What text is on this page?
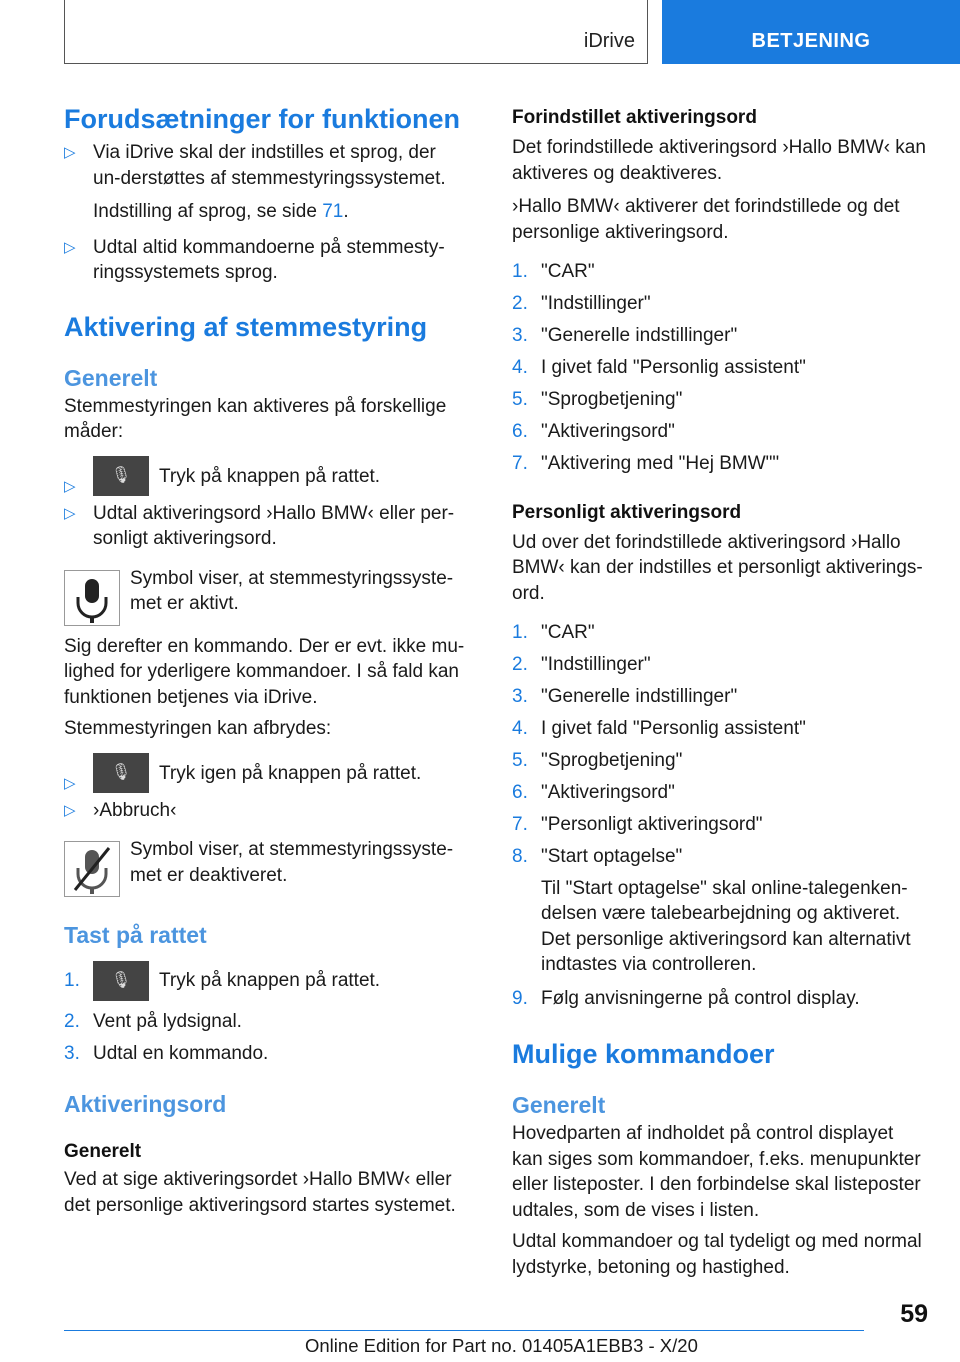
iDrive	BETJENING
Forudsætninger for funktionen
▷ Via iDrive skal der indstilles et sprog, der un-derstøttes af stemmestyringssystemet.
Indstilling af sprog, se side 71.
▷ Udtal altid kommandoerne på stemmesty-ringssystemets sprog.
Aktivering af stemmestyring
Generelt

Stemmestyringen kan aktiveres på forskellige måder:

▷
🎙 Tryk på knappen på rattet.
▷ Udtal aktiveringsord ›Hallo BMW‹ eller per-sonligt aktiveringsord.

Symbol viser, at stemmestyringssyste-met er aktivt.

Sig derefter en kommando. Der er evt. ikke mu-lighed for yderligere kommandoer. I så fald kan funktionen betjenes via iDrive.

Stemmestyringen kan afbrydes:

▷
🎙 Tryk igen på knappen på rattet.
▷ ›Abbruch‹

Symbol viser, at stemmestyringssyste-met er deaktiveret.

Tast på rattet
1. 🎙 Tryk på knappen på rattet.
2. Vent på lydsignal.
3. Udtal en kommando.
Aktiveringsord
Generelt

Ved at sige aktiveringsordet ›Hallo BMW‹ eller det personlige aktiveringsord startes systemet.

Forindstillet aktiveringsord

Det forindstillede aktiveringsord ›Hallo BMW‹ kan aktiveres og deaktiveres.

›Hallo BMW‹ aktiverer det forindstillede og det personlige aktiveringsord.

1. "CAR"
2. "Indstillinger"
3. "Generelle indstillinger"
4. I givet fald "Personlig assistent"
5. "Sprogbetjening"
6. "Aktiveringsord"
7. "Aktivering med "Hej BMW""
Personligt aktiveringsord

Ud over det forindstillede aktiveringsord ›Hallo BMW‹ kan der indstilles et personligt aktiverings-ord.

1. "CAR"
2. "Indstillinger"
3. "Generelle indstillinger"
4. I givet fald "Personlig assistent"
5. "Sprogbetjening"
6. "Aktiveringsord"
7. "Personligt aktiveringsord"
8. "Start optagelse"
Til "Start optagelse" skal online-talegenken-delsen være talebearbejdning og aktiveret. Det personlige aktiveringsord kan alternativt indtastes via controlleren.
9. Følg anvisningerne på control display.
Mulige kommandoer
Generelt

Hovedparten af indholdet på control displayet kan siges som kommandoer, f.eks. menupunkter eller listeposter. I den forbindelse skal listeposter udtales, som de vises i listen.

Udtal kommandoer og tal tydeligt og med normal lydstyrke, betoning og hastighed.

59
Online Edition for Part no. 01405A1EBB3 - X/20
